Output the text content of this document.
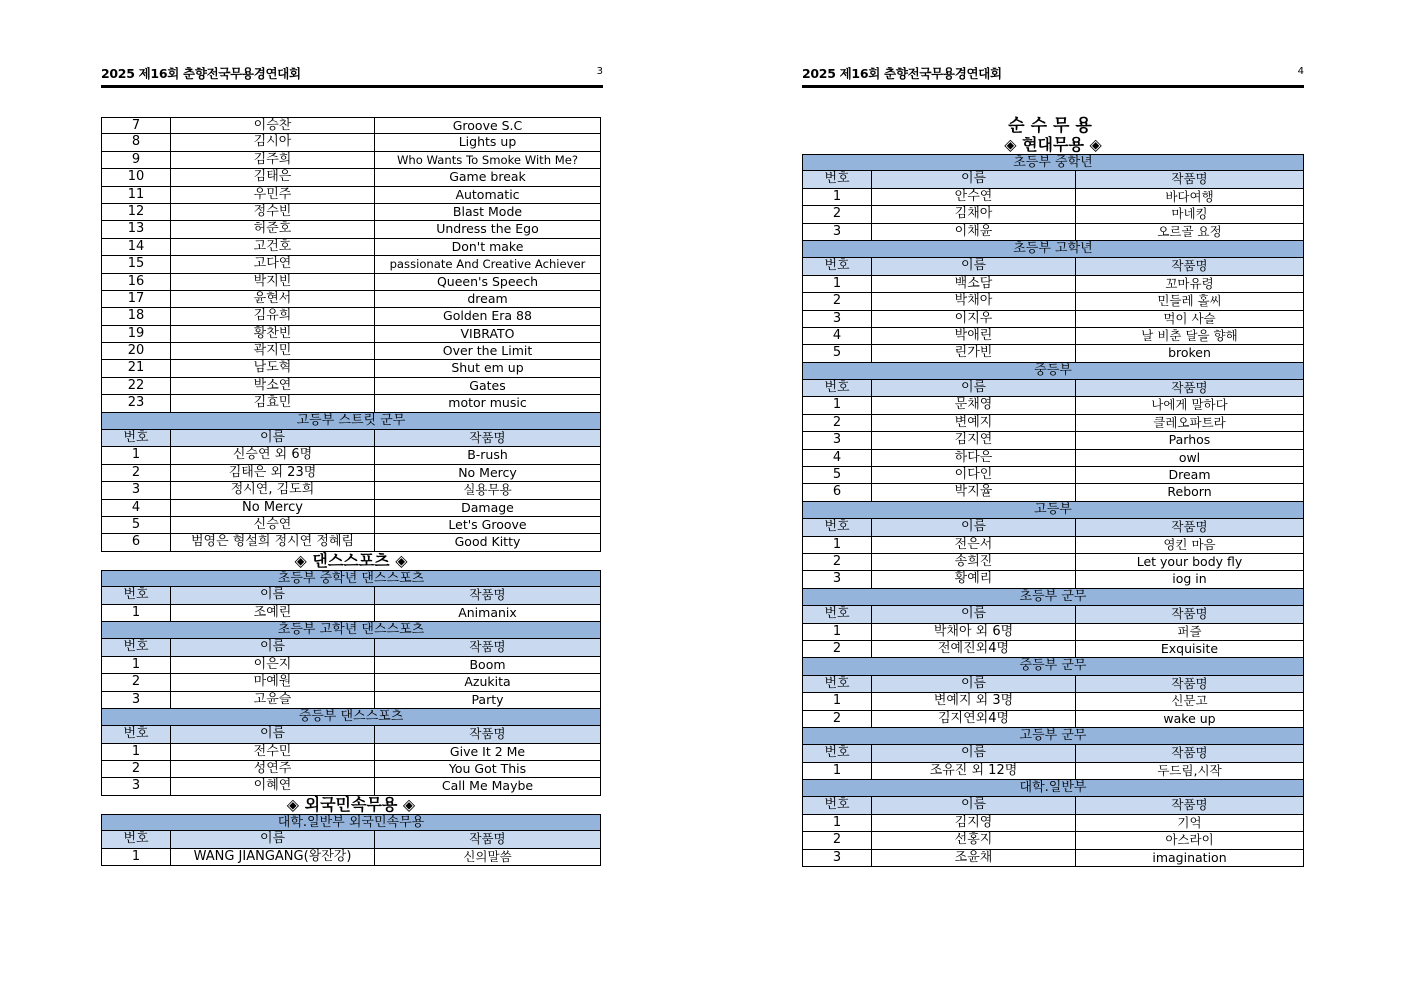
2025 제16회 춘향전국무용경연대회	3
7	이승찬	Groove S.C
8	김시아	Lights up
9	김주희	Who Wants To Smoke With Me?
10	김태은	Game break
11	우민주	Automatic
12	정수빈	Blast Mode
13	허준호	Undress the Ego
14	고건호	Don't make
15	고다연	passionate And Creative Achiever
16	박지빈	Queen's Speech
17	윤현서	dream
18	김유희	Golden Era 88
19	황찬빈	VIBRATO
20	곽지민	Over the Limit
21	남도혁	Shut em up
22	박소연	Gates
23	김효민	motor music
고등부 스트릿 군무
번호	이름	작품명
1	신승연 외 6명	B-rush
2	김태은 외 23명	No Mercy
3	정시연, 김도희	실용무용
4	No Mercy	Damage
5	신승연	Let's Groove
6	범영은 형설희 정시연 정혜림	Good Kitty
◈ 댄스스포츠 ◈
초등부 중학년 댄스스포츠
번호	이름	작품명
1	조예린	Animanix
초등부 고학년 댄스스포츠
번호	이름	작품명
1	이은지	Boom
2	마예원	Azukita
3	고윤슬	Party
중등부 댄스스포츠
번호	이름	작품명
1	전수민	Give It 2 Me
2	성연주	You Got This
3	이혜연	Call Me Maybe
◈ 외국민속무용 ◈
대학.일반부 외국민속무용
번호	이름	작품명
1	WANG JIANGANG(왕잔강)	신의말씀
2025 제16회 춘향전국무용경연대회	4
순수무용
◈ 현대무용 ◈
초등부 중학년
번호	이름	작품명
1	안수연	바다여행
2	김채아	마네킹
3	이채윤	오르골 요정
초등부 고학년
번호	이름	작품명
1	백소담	꼬마유령
2	박채아	민들레 홀씨
3	이지우	먹이 사슬
4	박애린	날 비춘 달을 향해
5	린가빈	broken
중등부
번호	이름	작품명
1	문채영	나에게 말하다
2	변예지	클레오파트라
3	김지연	Parhos
4	하다은	owl
5	이다인	Dream
6	박지율	Reborn
고등부
번호	이름	작품명
1	전은서	영킨 마음
2	송희진	Let your body fly
3	황예리	iog in
초등부 군무
번호	이름	작품명
1	박채아 외 6명	퍼즐
2	전예진외4명	Exquisite
중등부 군무
번호	이름	작품명
1	변예지 외 3명	신문고
2	김지연외4명	wake up
고등부 군무
번호	이름	작품명
1	조유진 외 12명	두드림,시작
대학.일반부
번호	이름	작품명
1	김지영	기억
2	선홍지	아스라이
3	조윤채	imagination
